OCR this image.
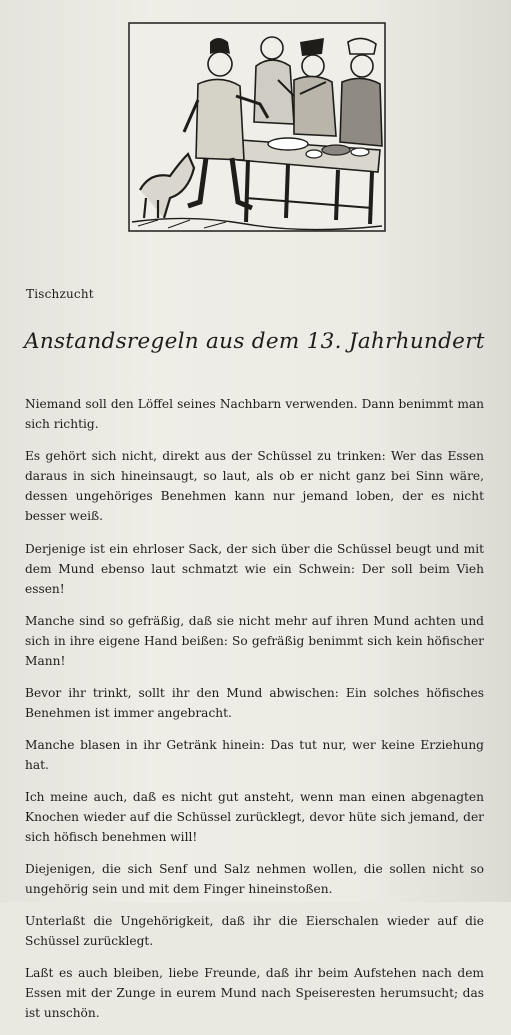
Tischzucht
Anstandsregeln aus dem 13. Jahrhundert

Niemand soll den Löffel seines Nachbarn verwenden. Dann benimmt man sich richtig.

Es gehört sich nicht, direkt aus der Schüssel zu trinken: Wer das Essen daraus in sich hineinsaugt, so laut, als ob er nicht ganz bei Sinn wäre, dessen ungehöriges Benehmen kann nur jemand loben, der es nicht besser weiß.

Derjenige ist ein ehrloser Sack, der sich über die Schüssel beugt und mit dem Mund ebenso laut schmatzt wie ein Schwein: Der soll beim Vieh essen!

Manche sind so gefräßig, daß sie nicht mehr auf ihren Mund achten und sich in ihre eigene Hand beißen: So gefräßig benimmt sich kein höfischer Mann!

Bevor ihr trinkt, sollt ihr den Mund abwischen: Ein solches höfisches Benehmen ist immer angebracht.

Manche blasen in ihr Getränk hinein: Das tut nur, wer keine Erziehung hat.

Ich meine auch, daß es nicht gut ansteht, wenn man einen abgenagten Knochen wieder auf die Schüssel zurücklegt, devor hüte sich jemand, der sich höfisch benehmen will!

Diejenigen, die sich Senf und Salz nehmen wollen, die sollen nicht so ungehörig sein und mit dem Finger hineinstoßen.

Unterlaßt die Ungehörigkeit, daß ihr die Eierschalen wieder auf die Schüssel zurücklegt.

Laßt es auch bleiben, liebe Freunde, daß ihr beim Aufstehen nach dem Essen mit der Zunge in eurem Mund nach Speiseresten herumsucht; das ist unschön.
